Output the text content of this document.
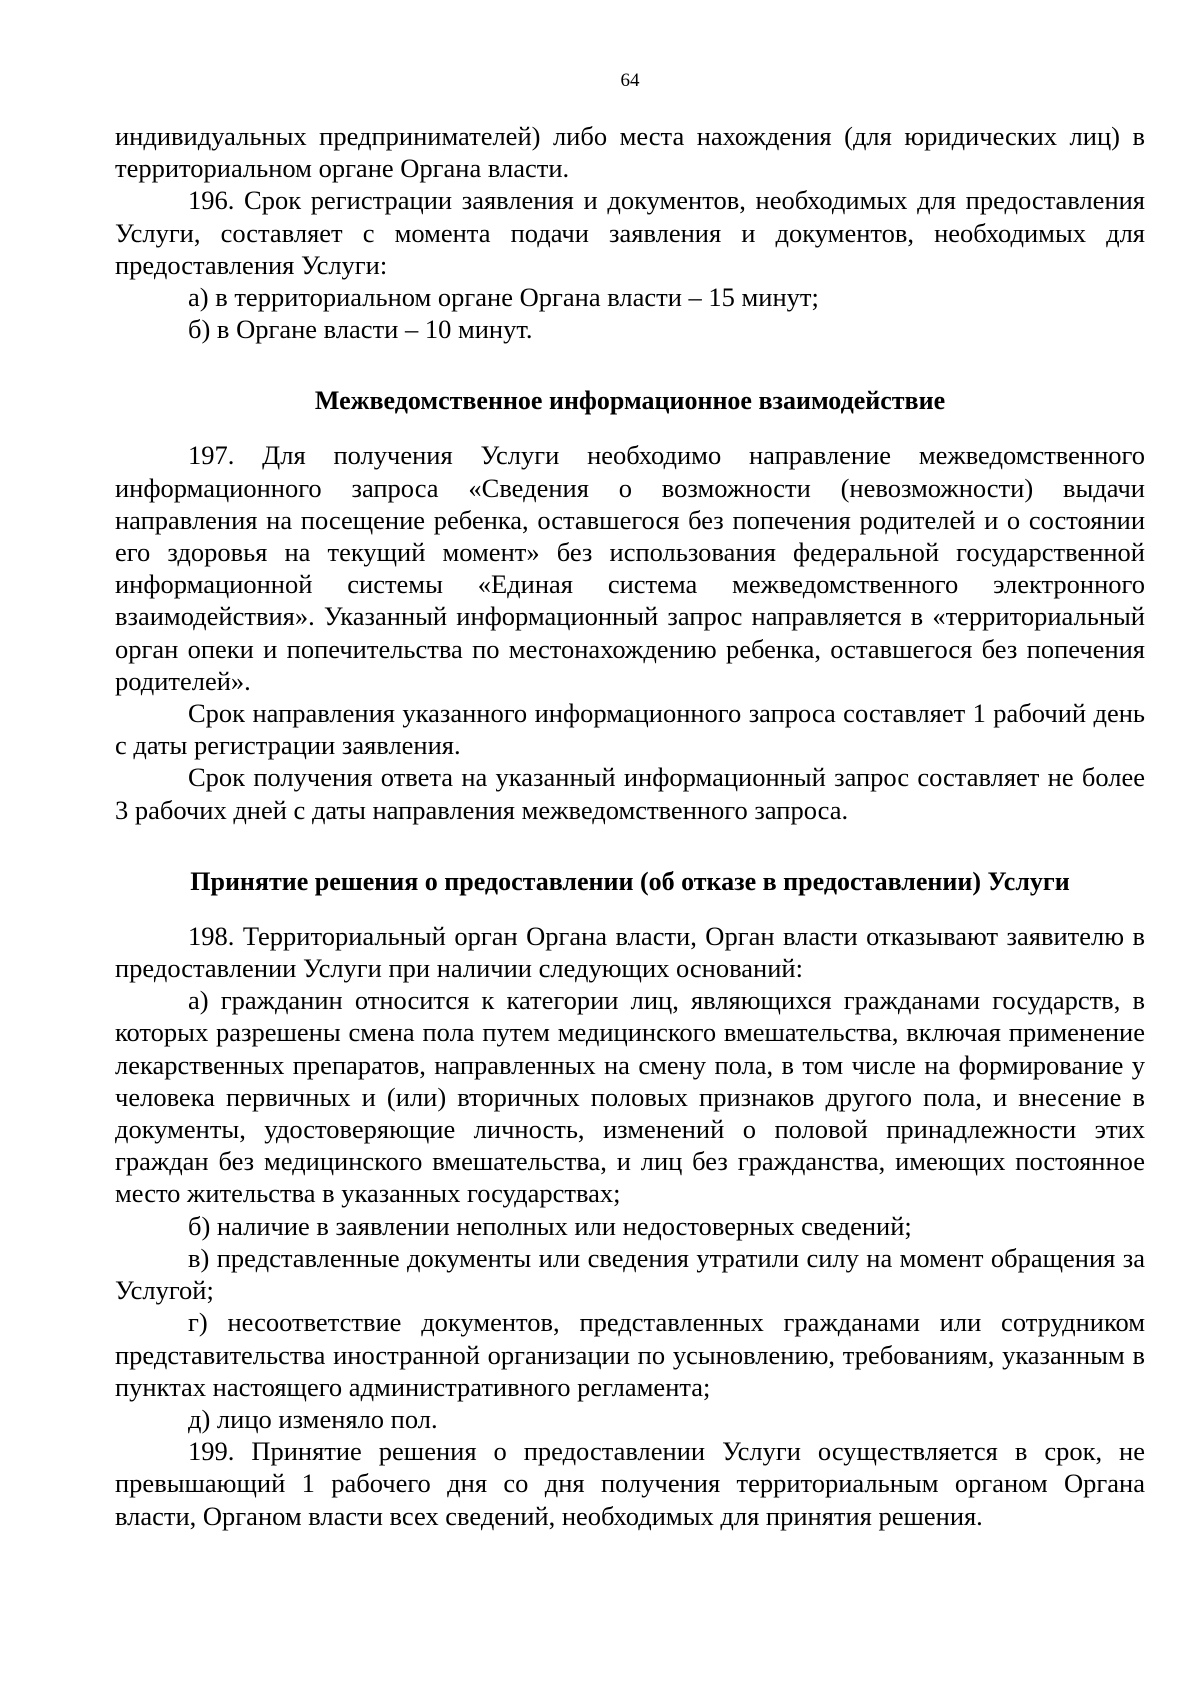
64

индивидуальных предпринимателей) либо места нахождения (для юридических лиц) в территориальном органе Органа власти.

196. Срок регистрации заявления и документов, необходимых для предоставления Услуги, составляет с момента подачи заявления и документов, необходимых для предоставления Услуги:

а) в территориальном органе Органа власти – 15 минут;

б) в Органе власти – 10 минут.

Межведомственное информационное взаимодействие

197. Для получения Услуги необходимо направление межведомственного информационного запроса «Сведения о возможности (невозможности) выдачи направления на посещение ребенка, оставшегося без попечения родителей и о состоянии его здоровья на текущий момент» без использования федеральной государственной информационной системы «Единая система межведомственного электронного взаимодействия». Указанный информационный запрос направляется в «территориальный орган опеки и попечительства по местонахождению ребенка, оставшегося без попечения родителей».

Срок направления указанного информационного запроса составляет 1 рабочий день с даты регистрации заявления.

Срок получения ответа на указанный информационный запрос составляет не более 3 рабочих дней с даты направления межведомственного запроса.

Принятие решения о предоставлении (об отказе в предоставлении) Услуги

198. Территориальный орган Органа власти, Орган власти отказывают заявителю в предоставлении Услуги при наличии следующих оснований:

а) гражданин относится к категории лиц, являющихся гражданами государств, в которых разрешены смена пола путем медицинского вмешательства, включая применение лекарственных препаратов, направленных на смену пола, в том числе на формирование у человека первичных и (или) вторичных половых признаков другого пола, и внесение в документы, удостоверяющие личность, изменений о половой принадлежности этих граждан без медицинского вмешательства, и лиц без гражданства, имеющих постоянное место жительства в указанных государствах;

б) наличие в заявлении неполных или недостоверных сведений;

в) представленные документы или сведения утратили силу на момент обращения за Услугой;

г) несоответствие документов, представленных гражданами или сотрудником представительства иностранной организации по усыновлению, требованиям, указанным в пунктах настоящего административного регламента;

д) лицо изменяло пол.

199. Принятие решения о предоставлении Услуги осуществляется в срок, не превышающий 1 рабочего дня со дня получения территориальным органом Органа власти, Органом власти всех сведений, необходимых для принятия решения.
